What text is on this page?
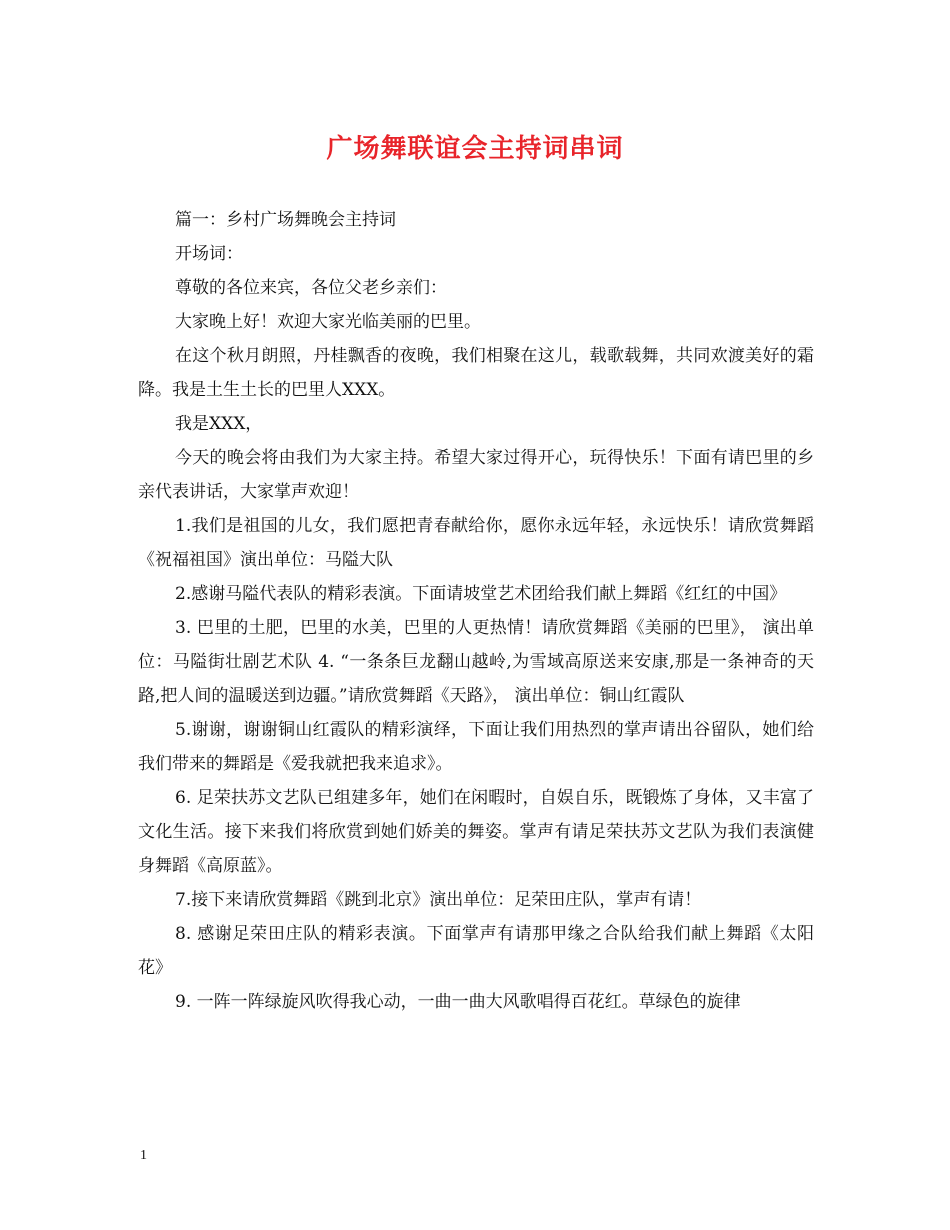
广场舞联谊会主持词串词

篇一：乡村广场舞晚会主持词

开场词：

尊敬的各位来宾，各位父老乡亲们：

大家晚上好！欢迎大家光临美丽的巴里。

在这个秋月朗照，丹桂飘香的夜晚，我们相聚在这儿，载歌载舞，共同欢渡美好的霜降。我是土生土长的巴里人XXX。

我是XXX，

今天的晚会将由我们为大家主持。希望大家过得开心，玩得快乐！下面有请巴里的乡亲代表讲话，大家掌声欢迎！

1.我们是祖国的儿女，我们愿把青春献给你，愿你永远年轻，永远快乐！请欣赏舞蹈《祝福祖国》演出单位：马隘大队

2.感谢马隘代表队的精彩表演。下面请坡堂艺术团给我们献上舞蹈《红红的中国》

3. 巴里的土肥，巴里的水美，巴里的人更热情！请欣赏舞蹈《美丽的巴里》， 演出单位：马隘街壮剧艺术队 4. “一条条巨龙翻山越岭,为雪域高原送来安康,那是一条神奇的天路,把人间的温暖送到边疆。”请欣赏舞蹈《天路》， 演出单位：铜山红霞队

5.谢谢，谢谢铜山红霞队的精彩演绎，下面让我们用热烈的掌声请出谷留队，她们给我们带来的舞蹈是《爱我就把我来追求》。

6. 足荣扶苏文艺队已组建多年，她们在闲暇时，自娱自乐，既锻炼了身体，又丰富了文化生活。接下来我们将欣赏到她们娇美的舞姿。掌声有请足荣扶苏文艺队为我们表演健身舞蹈《高原蓝》。

7.接下来请欣赏舞蹈《跳到北京》演出单位：足荣田庄队，掌声有请！

8. 感谢足荣田庄队的精彩表演。下面掌声有请那甲缘之合队给我们献上舞蹈《太阳花》

9. 一阵一阵绿旋风吹得我心动，一曲一曲大风歌唱得百花红。草绿色的旋律

1
